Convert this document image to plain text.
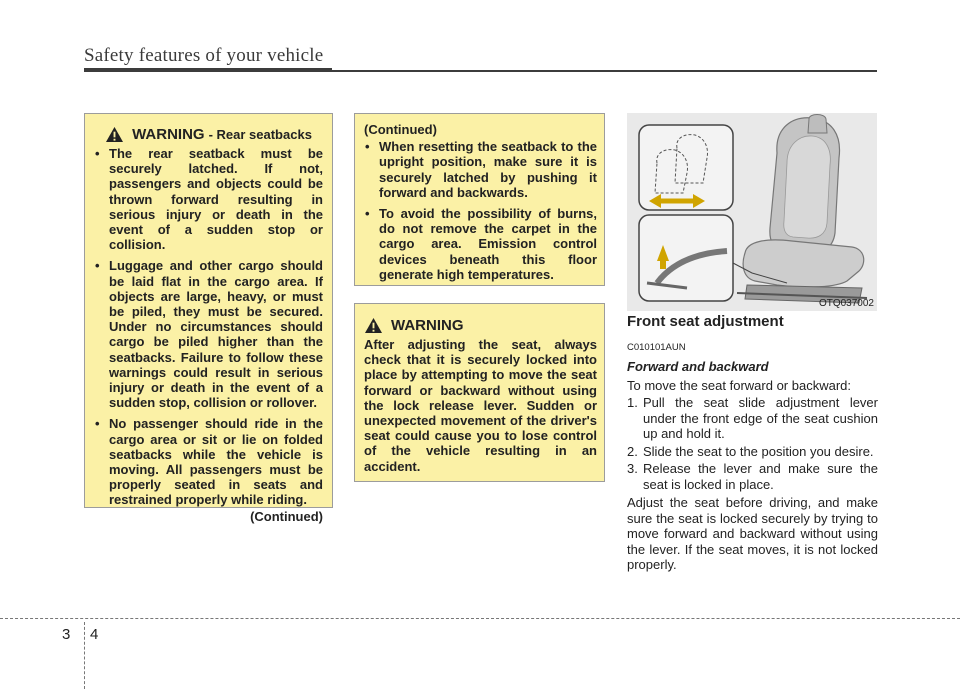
Safety features of your vehicle
WARNING - Rear seatbacks
• The rear seatback must be securely latched. If not, passengers and objects could be thrown forward resulting in serious injury or death in the event of a sudden stop or collision.
• Luggage and other cargo should be laid flat in the cargo area. If objects are large, heavy, or must be piled, they must be secured. Under no circumstances should cargo be piled higher than the seatbacks. Failure to follow these warnings could result in serious injury or death in the event of a sudden stop, collision or rollover.
• No passenger should ride in the cargo area or sit or lie on folded seatbacks while the vehicle is moving. All passengers must be properly seated in seats and restrained properly while riding.
(Continued)
(Continued)
• When resetting the seatback to the upright position, make sure it is securely latched by pushing it forward and backwards.
• To avoid the possibility of burns, do not remove the carpet in the cargo area. Emission control devices beneath this floor generate high temperatures.
WARNING
After adjusting the seat, always check that it is securely locked into place by attempting to move the seat forward or backward without using the lock release lever. Sudden or unexpected movement of the driver's seat could cause you to lose control of the vehicle resulting in an accident.
OTQ037002
Front seat adjustment
C010101AUN
Forward and backward
To move the seat forward or backward:
1. Pull the seat slide adjustment lever under the front edge of the seat cushion up and hold it.
2. Slide the seat to the position you desire.
3. Release the lever and make sure the seat is locked in place.
Adjust the seat before driving, and make sure the seat is locked securely by trying to move forward and backward without using the lever. If the seat moves, it is not locked properly.
3 4
